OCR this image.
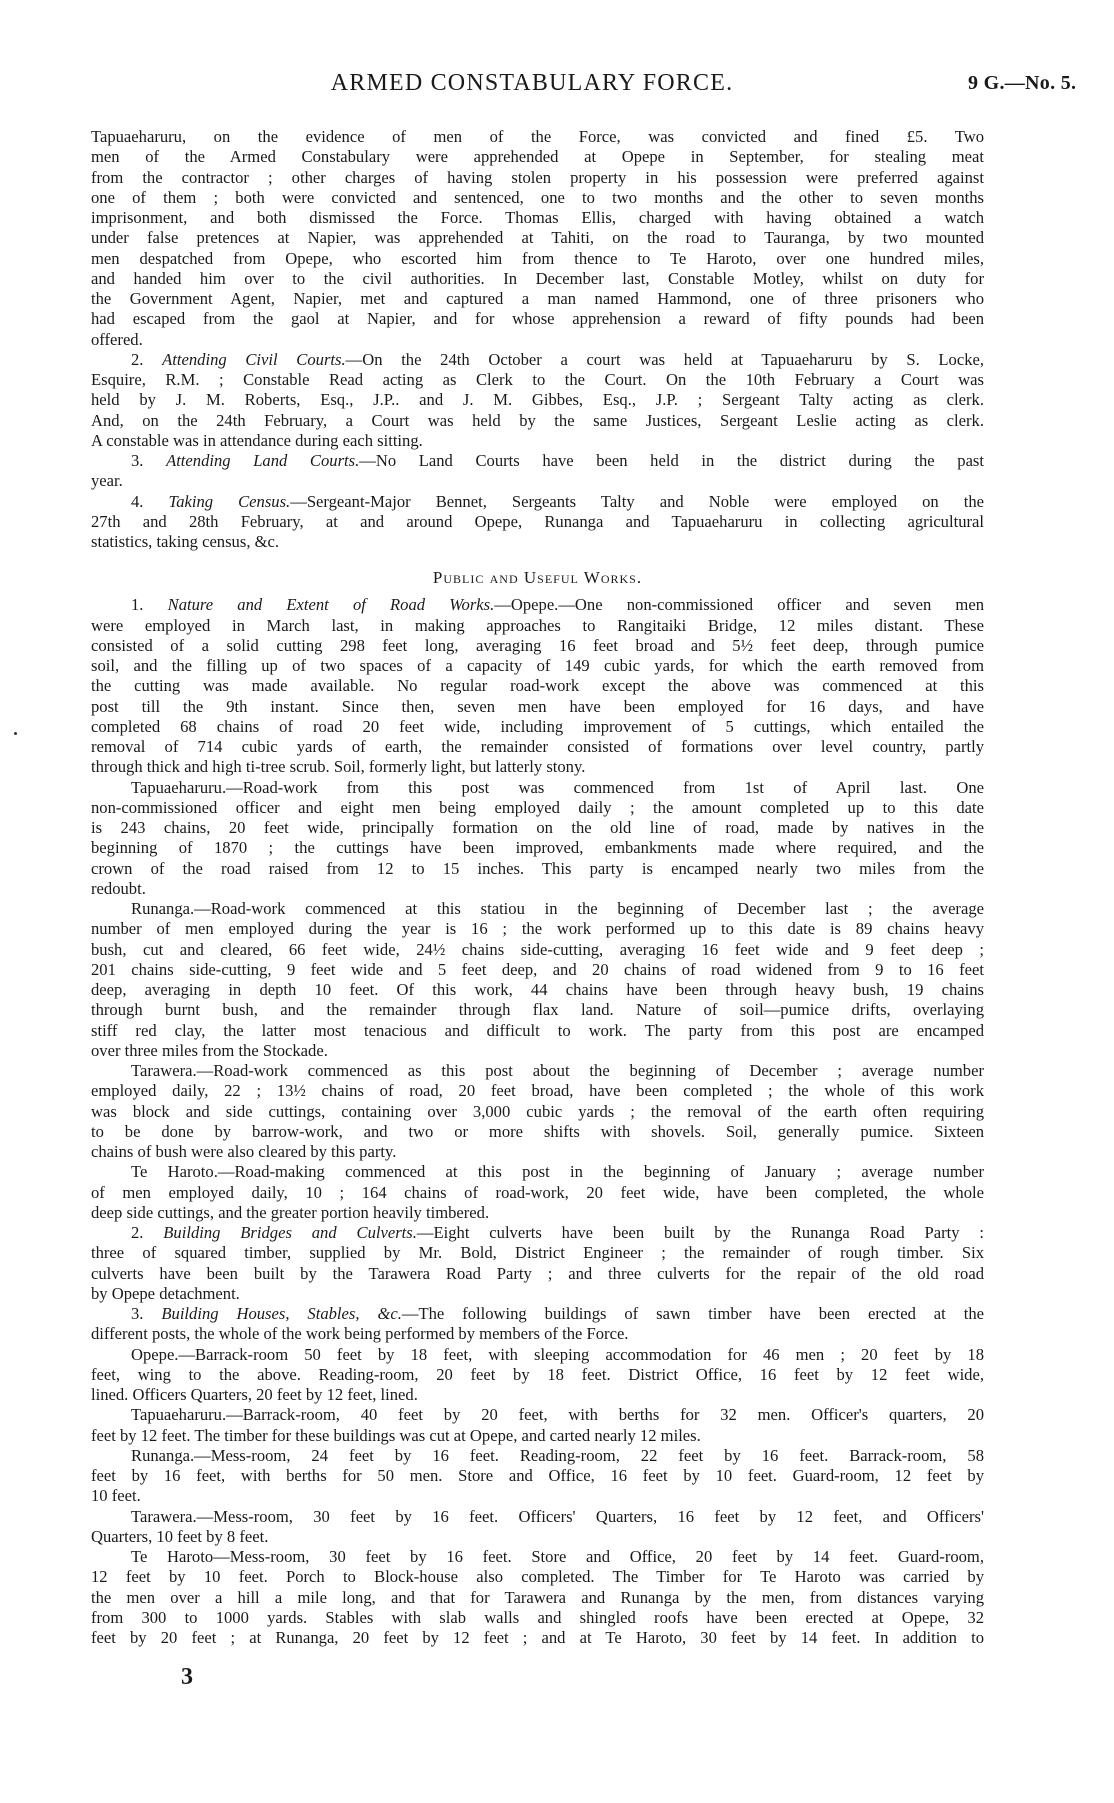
ARMED CONSTABULARY FORCE.	9 G.—No. 5.
Tapuaeharuru, on the evidence of men of the Force, was convicted and fined £5. Two
men of the Armed Constabulary were apprehended at Opepe in September, for stealing meat
from the contractor ; other charges of having stolen property in his possession were preferred against
one of them ; both were convicted and sentenced, one to two months and the other to seven months
imprisonment, and both dismissed the Force. Thomas Ellis, charged with having obtained a watch
under false pretences at Napier, was apprehended at Tahiti, on the road to Tauranga, by two mounted
men despatched from Opepe, who escorted him from thence to Te Haroto, over one hundred miles,
and handed him over to the civil authorities. In December last, Constable Motley, whilst on duty for
the Government Agent, Napier, met and captured a man named Hammond, one of three prisoners who
had escaped from the gaol at Napier, and for whose apprehension a reward of fifty pounds had been
offered.
2. Attending Civil Courts.—On the 24th October a court was held at Tapuaeharuru by S. Locke,
Esquire, R.M. ; Constable Read acting as Clerk to the Court. On the 10th February a Court was
held by J. M. Roberts, Esq., J.P.. and J. M. Gibbes, Esq., J.P. ; Sergeant Talty acting as clerk.
And, on the 24th February, a Court was held by the same Justices, Sergeant Leslie acting as clerk.
A constable was in attendance during each sitting.
3. Attending Land Courts.—No Land Courts have been held in the district during the past
year.
4. Taking Census.—Sergeant-Major Bennet, Sergeants Talty and Noble were employed on the
27th and 28th February, at and around Opepe, Runanga and Tapuaeharuru in collecting agricultural
statistics, taking census, &c.
Public and Useful Works.
1. Nature and Extent of Road Works.—Opepe.—One non-commissioned officer and seven men
were employed in March last, in making approaches to Rangitaiki Bridge, 12 miles distant. These
consisted of a solid cutting 298 feet long, averaging 16 feet broad and 5½ feet deep, through pumice
soil, and the filling up of two spaces of a capacity of 149 cubic yards, for which the earth removed from
the cutting was made available. No regular road-work except the above was commenced at this
post till the 9th instant. Since then, seven men have been employed for 16 days, and have
completed 68 chains of road 20 feet wide, including improvement of 5 cuttings, which entailed the
removal of 714 cubic yards of earth, the remainder consisted of formations over level country, partly
through thick and high ti-tree scrub. Soil, formerly light, but latterly stony.
Tapuaeharuru.—Road-work from this post was commenced from 1st of April last. One
non-commissioned officer and eight men being employed daily ; the amount completed up to this date
is 243 chains, 20 feet wide, principally formation on the old line of road, made by natives in the
beginning of 1870 ; the cuttings have been improved, embankments made where required, and the
crown of the road raised from 12 to 15 inches. This party is encamped nearly two miles from the
redoubt.
Runanga.—Road-work commenced at this statiou in the beginning of December last ; the average
number of men employed during the year is 16 ; the work performed up to this date is 89 chains heavy
bush, cut and cleared, 66 feet wide, 24½ chains side-cutting, averaging 16 feet wide and 9 feet deep ;
201 chains side-cutting, 9 feet wide and 5 feet deep, and 20 chains of road widened from 9 to 16 feet
deep, averaging in depth 10 feet. Of this work, 44 chains have been through heavy bush, 19 chains
through burnt bush, and the remainder through flax land. Nature of soil—pumice drifts, overlaying
stiff red clay, the latter most tenacious and difficult to work. The party from this post are encamped
over three miles from the Stockade.
Tarawera.—Road-work commenced as this post about the beginning of December ; average number
employed daily, 22 ; 13½ chains of road, 20 feet broad, have been completed ; the whole of this work
was block and side cuttings, containing over 3,000 cubic yards ; the removal of the earth often requiring
to be done by barrow-work, and two or more shifts with shovels. Soil, generally pumice. Sixteen
chains of bush were also cleared by this party.
Te Haroto.—Road-making commenced at this post in the beginning of January ; average number
of men employed daily, 10 ; 164 chains of road-work, 20 feet wide, have been completed, the whole
deep side cuttings, and the greater portion heavily timbered.
2. Building Bridges and Culverts.—Eight culverts have been built by the Runanga Road Party :
three of squared timber, supplied by Mr. Bold, District Engineer ; the remainder of rough timber. Six
culverts have been built by the Tarawera Road Party ; and three culverts for the repair of the old road
by Opepe detachment.
3. Building Houses, Stables, &c.—The following buildings of sawn timber have been erected at the
different posts, the whole of the work being performed by members of the Force.
Opepe.—Barrack-room 50 feet by 18 feet, with sleeping accommodation for 46 men ; 20 feet by 18
feet, wing to the above. Reading-room, 20 feet by 18 feet. District Office, 16 feet by 12 feet wide,
lined. Officers Quarters, 20 feet by 12 feet, lined.
Tapuaeharuru.—Barrack-room, 40 feet by 20 feet, with berths for 32 men. Officer's quarters, 20
feet by 12 feet. The timber for these buildings was cut at Opepe, and carted nearly 12 miles.
Runanga.—Mess-room, 24 feet by 16 feet. Reading-room, 22 feet by 16 feet. Barrack-room, 58
feet by 16 feet, with berths for 50 men. Store and Office, 16 feet by 10 feet. Guard-room, 12 feet by
10 feet.
Tarawera.—Mess-room, 30 feet by 16 feet. Officers' Quarters, 16 feet by 12 feet, and Officers'
Quarters, 10 feet by 8 feet.
Te Haroto—Mess-room, 30 feet by 16 feet. Store and Office, 20 feet by 14 feet. Guard-room,
12 feet by 10 feet. Porch to Block-house also completed. The Timber for Te Haroto was carried by
the men over a hill a mile long, and that for Tarawera and Runanga by the men, from distances varying
from 300 to 1000 yards. Stables with slab walls and shingled roofs have been erected at Opepe, 32
feet by 20 feet ; at Runanga, 20 feet by 12 feet ; and at Te Haroto, 30 feet by 14 feet. In addition to
3
